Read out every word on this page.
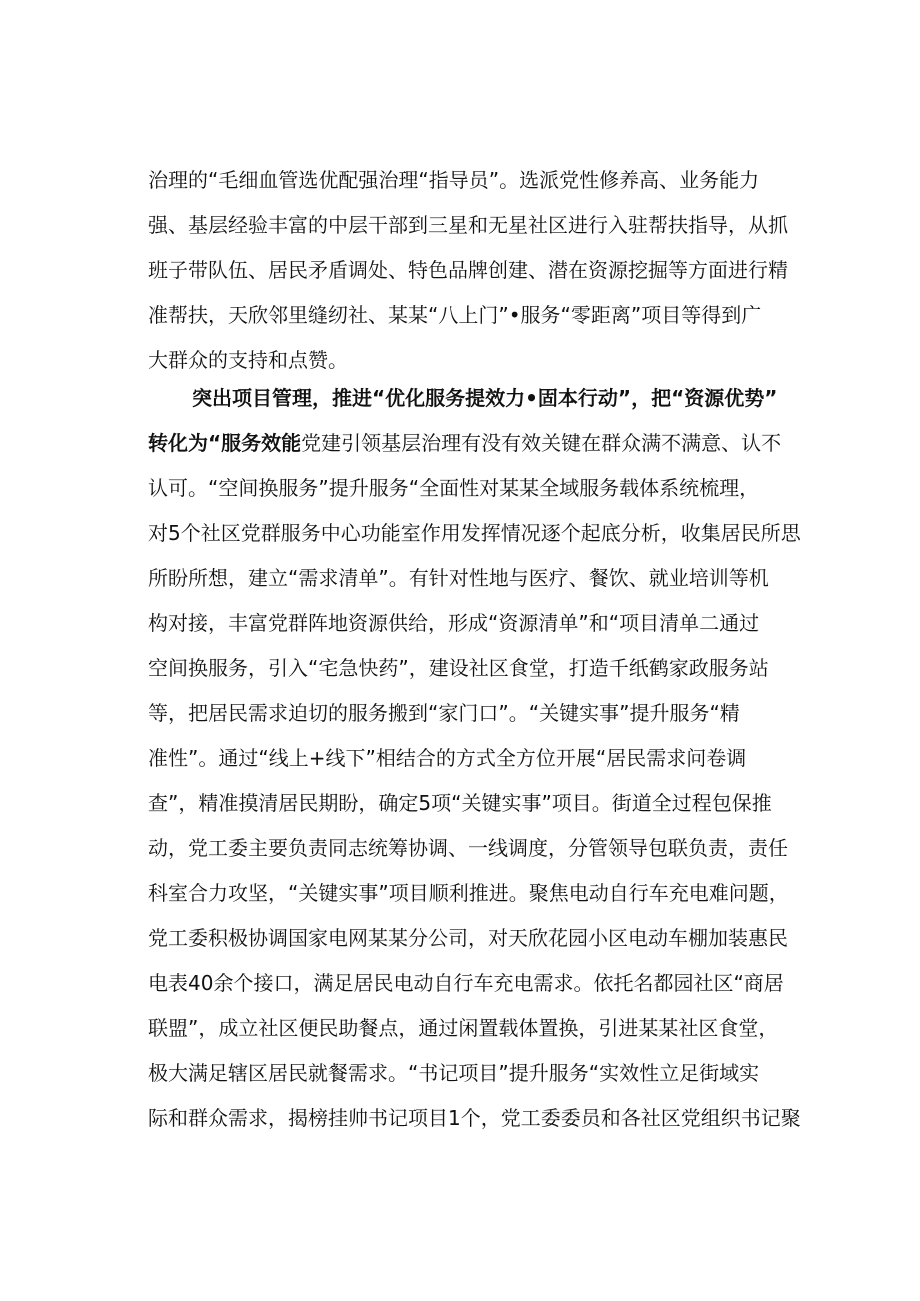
治理的“毛细血管选优配强治理“指导员”。选派党性修养高、业务能力
强、基层经验丰富的中层干部到三星和无星社区进行入驻帮扶指导，从抓
班子带队伍、居民矛盾调处、特色品牌创建、潜在资源挖掘等方面进行精
准帮扶，天欣邻里缝纫社、某某“八上门”•服务“零距离”项目等得到广
大群众的支持和点赞。
突出项目管理，推进“优化服务提效力•固本行动”，把“资源优势”
转化为“服务效能党建引领基层治理有没有效关键在群众满不满意、认不
认可。“空间换服务”提升服务“全面性对某某全域服务载体系统梳理，
对5个社区党群服务中心功能室作用发挥情况逐个起底分析，收集居民所思
所盼所想，建立“需求清单”。有针对性地与医疗、餐饮、就业培训等机
构对接，丰富党群阵地资源供给，形成“资源清单”和“项目清单二通过
空间换服务，引入“宅急快药”，建设社区食堂，打造千纸鹤家政服务站
等，把居民需求迫切的服务搬到“家门口”。“关键实事”提升服务“精
准性”。通过“线上+线下”相结合的方式全方位开展“居民需求问卷调
查”，精准摸清居民期盼，确定5项“关键实事”项目。街道全过程包保推
动，党工委主要负责同志统筹协调、一线调度，分管领导包联负责，责任
科室合力攻坚，“关键实事”项目顺利推进。聚焦电动自行车充电难问题，
党工委积极协调国家电网某某分公司，对天欣花园小区电动车棚加装惠民
电表40余个接口，满足居民电动自行车充电需求。依托名都园社区“商居
联盟”，成立社区便民助餐点，通过闲置载体置换，引进某某社区食堂，
极大满足辖区居民就餐需求。“书记项目”提升服务“实效性立足街域实
际和群众需求，揭榜挂帅书记项目1个，党工委委员和各社区党组织书记聚
